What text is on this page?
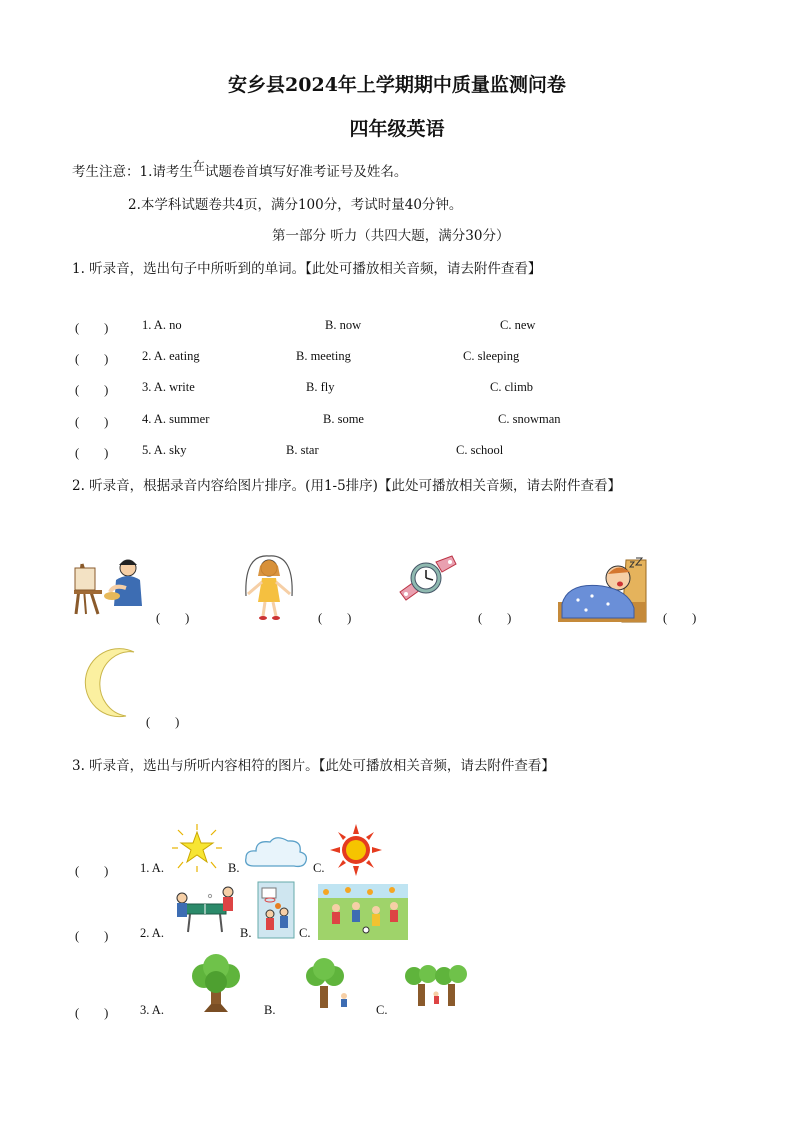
安乡县2024年上学期期中质量监测问卷
四年级英语
考生注意：1.请考生在试题卷首填写好准考证号及姓名。
2.本学科试题卷共4页，满分100分，考试时量40分钟。
第一部分 听力（共四大题，满分30分）
1. 听录音，选出句子中所听到的单词。【此处可播放相关音频，请去附件查看】
(　　)	1. A. no	B. now	C. new
(　　)	2. A. eating	B. meeting	C. sleeping
(　　)	3. A. write	B. fly	C. climb
(　　)	4. A. summer	B. some	C. snowman
(　　)	5. A. sky	B. star	C. school
2. 听录音，根据录音内容给图片排序。(用1-5排序)【此处可播放相关音频，请去附件查看】
(　　)	(　　)	(　　)	(　　)
(　　)
3. 听录音，选出与所听内容相符的图片。【此处可播放相关音频，请去附件查看】
(　　)	1. A.	B.	C.
(　　)	2. A.	B.	C.
(　　)	3. A.	B.	C.
